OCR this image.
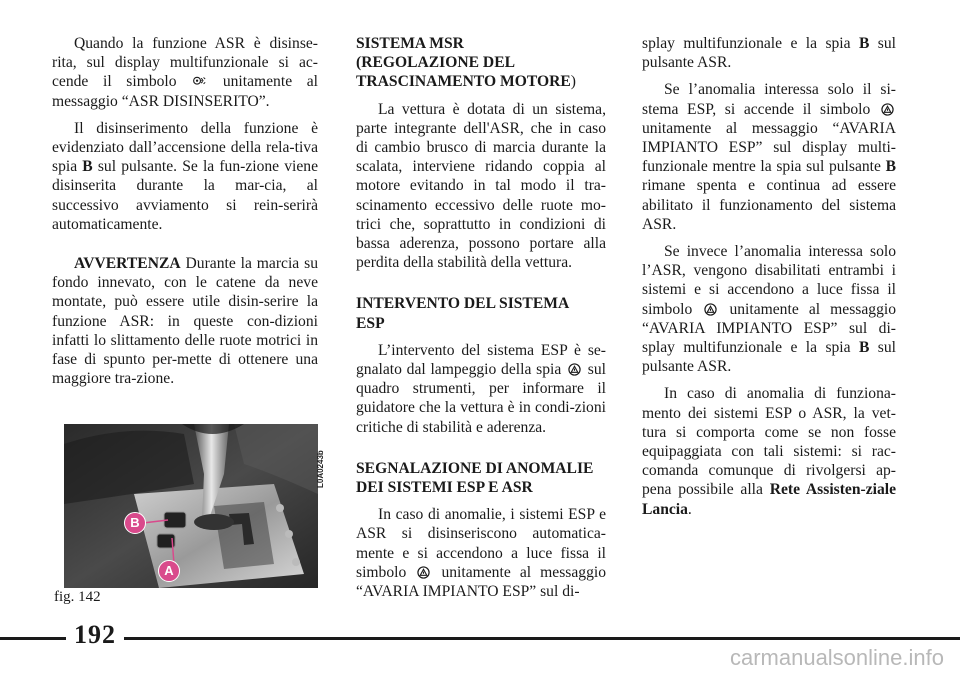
Quando la funzione ASR è disinse-rita, sul display multifunzionale si ac-cende il simbolo	unitamente al messaggio “ASR DISINSERITO”.

Il disinserimento della funzione è evidenziato dall’accensione della rela-tiva spia B sul pulsante. Se la fun-zione viene disinserita durante la mar-cia, al successivo avviamento si rein-serirà automaticamente.

AVVERTENZA Durante la marcia su fondo innevato, con le catene da neve montate, può essere utile disin-serire la funzione ASR: in queste con-dizioni infatti lo slittamento delle ruote motrici in fase di spunto per-mette di ottenere una maggiore tra-zione.

SISTEMA MSR
(REGOLAZIONE DEL
TRASCINAMENTO MOTORE)

La vettura è dotata di un sistema, parte integrante dell'ASR, che in caso di cambio brusco di marcia durante la scalata, interviene ridando coppia al motore evitando in tal modo il tra-scinamento eccessivo delle ruote mo-trici che, soprattutto in condizioni di bassa aderenza, possono portare alla perdita della stabilità della vettura.

INTERVENTO DEL SISTEMA
ESP

L’intervento del sistema ESP è se-gnalato dal lampeggio della spia sul quadro strumenti, per informare il guidatore che la vettura è in condi-zioni critiche di stabilità e aderenza.

SEGNALAZIONE DI ANOMALIE
DEI SISTEMI ESP E ASR

In caso di anomalie, i sistemi ESP e ASR si disinseriscono automatica-mente e si accendono a luce fissa il simbolo unitamente al messaggio “AVARIA IMPIANTO ESP” sul di-

splay multifunzionale e la spia B sul pulsante ASR.

Se l’anomalia interessa solo il si-stema ESP, si accende il simbolo
unitamente al messaggio “AVARIA IMPIANTO ESP” sul display multi-funzionale mentre la spia sul pulsante B rimane spenta e continua ad essere abilitato il funzionamento del sistema ASR.

Se invece l’anomalia interessa solo l’ASR, vengono disabilitati entrambi i sistemi e si accendono a luce fissa il simbolo unitamente al messaggio “AVARIA IMPIANTO ESP” sul di-splay multifunzionale e la spia B sul pulsante ASR.

In caso di anomalia di funziona-mento dei sistemi ESP o ASR, la vet-tura si comporta come se non fosse equipaggiata con tali sistemi: si rac-comanda comunque di rivolgersi ap-pena possibile alla Rete Assisten-ziale Lancia.

B
A
L0A0243b
fig. 142
192
carmanualsonline.info
